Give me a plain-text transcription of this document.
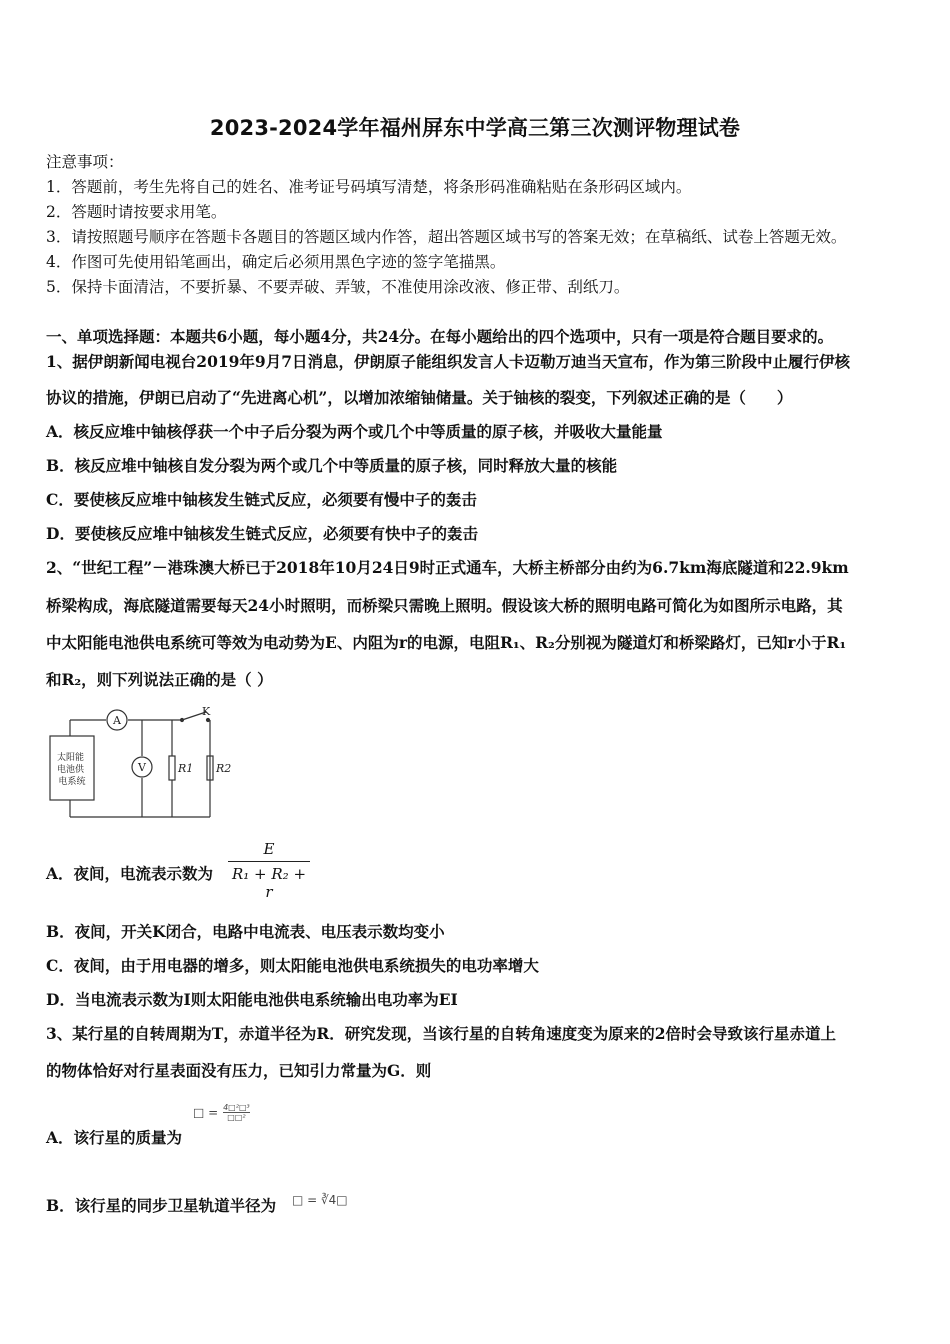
2023-2024学年福州屏东中学高三第三次测评物理试卷
注意事项：
1．答题前，考生先将自己的姓名、准考证号码填写清楚，将条形码准确粘贴在条形码区域内。
2．答题时请按要求用笔。
3．请按照题号顺序在答题卡各题目的答题区域内作答，超出答题区域书写的答案无效；在草稿纸、试卷上答题无效。
4．作图可先使用铅笔画出，确定后必须用黑色字迹的签字笔描黑。
5．保持卡面清洁，不要折暴、不要弄破、弄皱，不准使用涂改液、修正带、刮纸刀。
一、单项选择题：本题共6小题，每小题4分，共24分。在每小题给出的四个选项中，只有一项是符合题目要求的。
1、据伊朗新闻电视台2019年9月7日消息，伊朗原子能组织发言人卡迈勒万迪当天宣布，作为第三阶段中止履行伊核
协议的措施，伊朗已启动了“先进离心机”，以增加浓缩铀储量。关于铀核的裂变，下列叙述正确的是（　　）
A．核反应堆中铀核俘获一个中子后分裂为两个或几个中等质量的原子核，并吸收大量能量
B．核反应堆中铀核自发分裂为两个或几个中等质量的原子核，同时释放大量的核能
C．要使核反应堆中铀核发生链式反应，必须要有慢中子的轰击
D．要使核反应堆中铀核发生链式反应，必须要有快中子的轰击
2、“世纪工程”－港珠澳大桥已于2018年10月24日9时正式通车，大桥主桥部分由约为6.7km海底隧道和22.9km
桥梁构成，海底隧道需要每天24小时照明，而桥梁只需晚上照明。假设该大桥的照明电路可简化为如图所示电路，其
中太阳能电池供电系统可等效为电动势为E、内阻为r的电源，电阻R₁、R₂分别视为隧道灯和桥梁路灯，已知r小于R₁
和R₂，则下列说法正确的是（ ）
A
V
K
R1 R2
太阳能 电池供 电系统
A．夜间，电流表示数为 $\frac{E}{\text{R₁ + R₂ + r}}$
B．夜间，开关K闭合，电路中电流表、电压表示数均变小
C．夜间，由于用电器的增多，则太阳能电池供电系统损失的电功率增大
D．当电流表示数为I则太阳能电池供电系统输出电功率为EI
3、某行星的自转周期为T，赤道半径为R．研究发现，当该行星的自转角速度变为原来的2倍时会导致该行星赤道上
的物体恰好对行星表面没有压力，已知引力常量为G．则
A．该行星的质量为
□ = 4□²□³
□□²
B．该行星的同步卫星轨道半径为 □ = ∛4□
